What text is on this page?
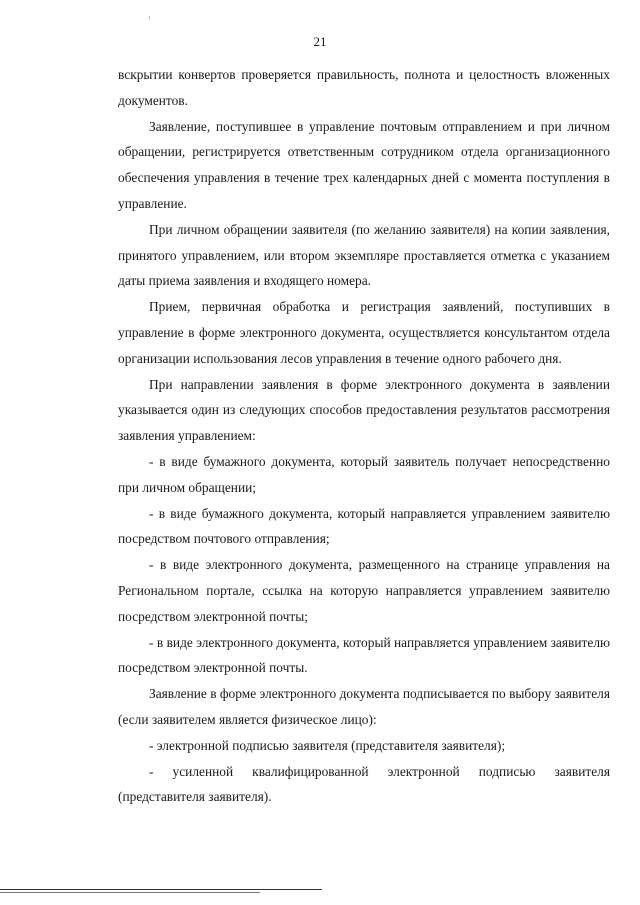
21

вскрытии конвертов проверяется правильность, полнота и целостность вложенных документов.

Заявление, поступившее в управление почтовым отправлением и при личном обращении, регистрируется ответственным сотрудником отдела организационного обеспечения управления в течение трех календарных дней с момента поступления в управление.

При личном обращении заявителя (по желанию заявителя) на копии заявления, принятого управлением, или втором экземпляре проставляется отметка с указанием даты приема заявления и входящего номера.

Прием, первичная обработка и регистрация заявлений, поступивших в управление в форме электронного документа, осуществляется консультантом отдела организации использования лесов управления в течение одного рабочего дня.

При направлении заявления в форме электронного документа в заявлении указывается один из следующих способов предоставления результатов рассмотрения заявления управлением:

- в виде бумажного документа, который заявитель получает непосредственно при личном обращении;

- в виде бумажного документа, который направляется управлением заявителю посредством почтового отправления;

- в виде электронного документа, размещенного на странице управления на Региональном портале, ссылка на которую направляется управлением заявителю посредством электронной почты;

- в виде электронного документа, который направляется управлением заявителю посредством электронной почты.

Заявление в форме электронного документа подписывается по выбору заявителя (если заявителем является физическое лицо):

- электронной подписью заявителя (представителя заявителя);

- усиленной квалифицированной электронной подписью заявителя (представителя заявителя).
